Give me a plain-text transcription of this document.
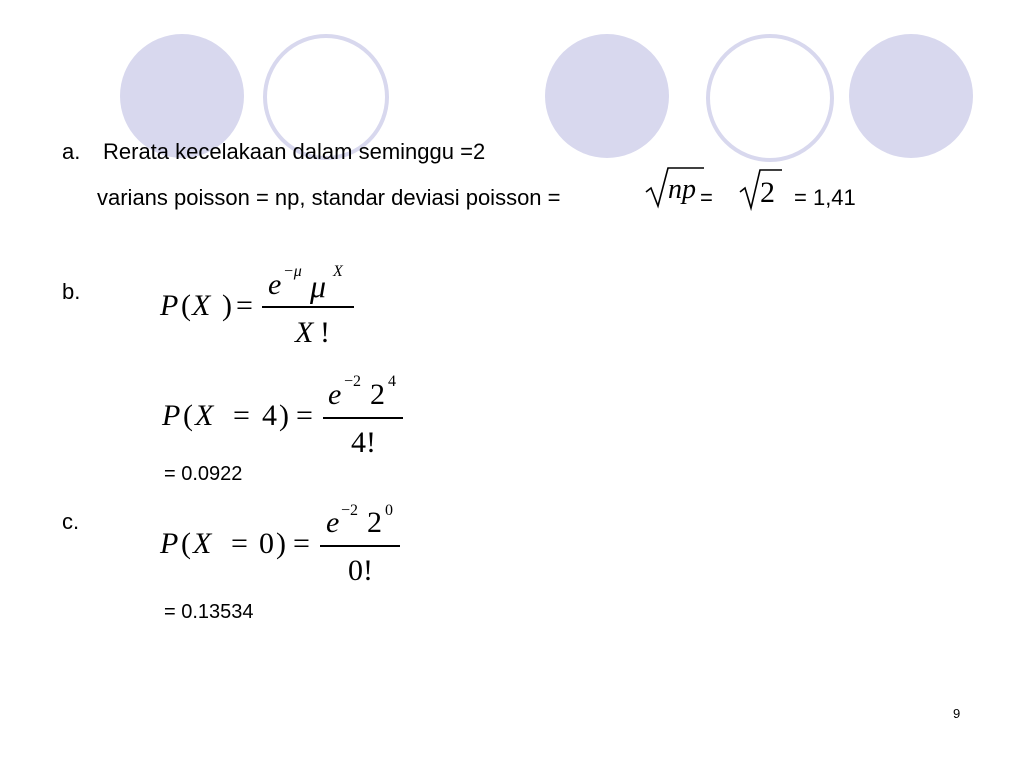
a. Rerata kecelakaan dalam seminggu =2
varians poisson = np, standar deviasi poisson =	np = 2 = 1,41
b.	P ( X ) =
e −μ μ X
X !
P ( X = 4 ) =
e −2 2 4
4!
= 0.0922
c.
P ( X = 0 ) =
e −2 2 0
0!
= 0.13534
9
